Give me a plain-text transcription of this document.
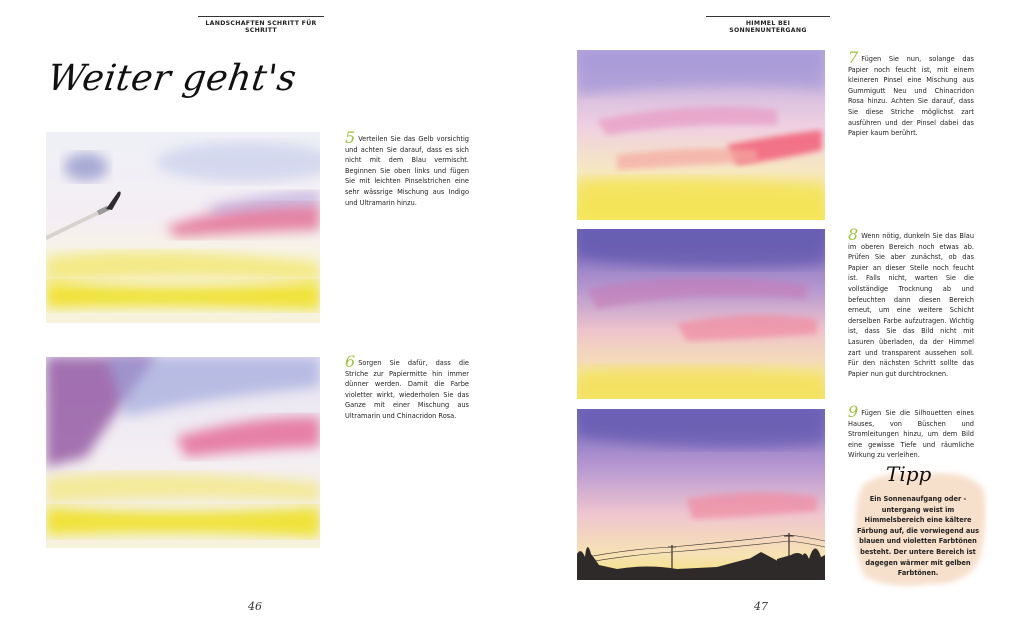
LANDSCHAFTEN SCHRITT FÜR SCHRITT
HIMMEL BEI SONNENUNTERGANG
Weiter geht's
5 Verteilen Sie das Gelb vorsichtig und achten Sie darauf, dass es sich nicht mit dem Blau vermischt. Beginnen Sie oben links und fügen Sie mit leichten Pinselstrichen eine sehr wässrige Mischung aus Indigo und Ultramarin hinzu.
6 Sorgen Sie dafür, dass die Striche zur Papiermitte hin immer dünner werden. Damit die Farbe violetter wirkt, wiederholen Sie das Ganze mit einer Mischung aus Ultramarin und Chinacridon Rosa.
7 Fügen Sie nun, solange das Papier noch feucht ist, mit einem kleineren Pinsel eine Mischung aus Gummigutt Neu und Chinacridon Rosa hinzu. Achten Sie darauf, dass Sie diese Striche möglichst zart ausführen und der Pinsel dabei das Papier kaum berührt.
8 Wenn nötig, dunkeln Sie das Blau im oberen Bereich noch etwas ab. Prüfen Sie aber zunächst, ob das Papier an dieser Stelle noch feucht ist. Falls nicht, warten Sie die vollständige Trocknung ab und befeuchten dann diesen Bereich erneut, um eine weitere Schicht derselben Farbe aufzutragen. Wichtig ist, dass Sie das Bild nicht mit Lasuren überladen, da der Himmel zart und transparent aussehen soll. Für den nächsten Schritt sollte das Papier nun gut durchtrocknen.
9 Fügen Sie die Silhouetten eines Hauses, von Büschen und Stromleitungen hinzu, um dem Bild eine gewisse Tiefe und räumliche Wirkung zu verleihen.
Tipp
Ein Sonnenaufgang oder -untergang weist im Himmelsbereich eine kältere Färbung auf, die vorwiegend aus blauen und violetten Farbtönen besteht. Der untere Bereich ist dagegen wärmer mit gelben Farbtönen.
46	47
